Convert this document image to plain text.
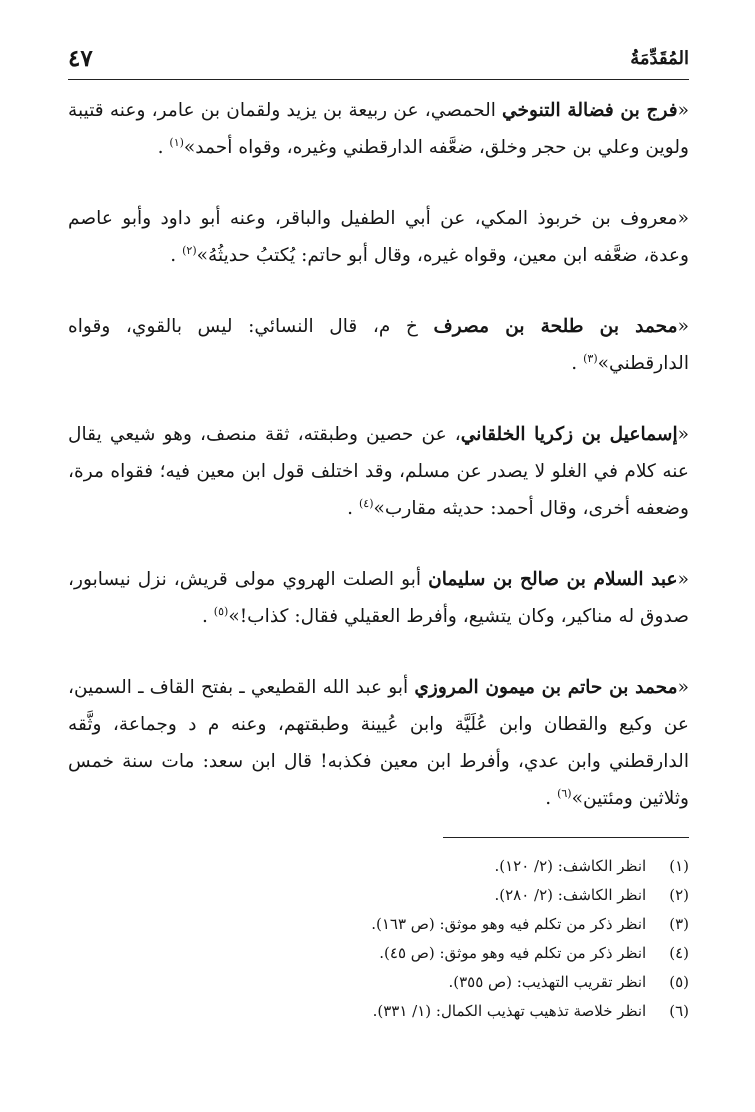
٤٧	المُقَدِّمَةُ

«فرج بن فضالة التنوخي الحمصي، عن ربيعة بن يزيد ولقمان بن عامر، وعنه قتيبة ولوين وعلي بن حجر وخلق، ضعَّفه الدارقطني وغيره، وقواه أحمد»$^{(١)}$ .

«معروف بن خربوذ المكي، عن أبي الطفيل والباقر، وعنه أبو داود وأبو عاصم وعدة، ضعَّفه ابن معين، وقواه غيره، وقال أبو حاتم: يُكتبُ حديثُهُ»$^{(٢)}$ .

«محمد بن طلحة بن مصرف خ م، قال النسائي: ليس بالقوي، وقواه الدارقطني»$^{(٣)}$ .

«إسماعيل بن زكريا الخلقاني، عن حصين وطبقته، ثقة منصف، وهو شيعي يقال عنه كلام في الغلو لا يصدر عن مسلم، وقد اختلف قول ابن معين فيه؛ فقواه مرة، وضعفه أخرى، وقال أحمد: حديثه مقارب»$^{(٤)}$ .

«عبد السلام بن صالح بن سليمان أبو الصلت الهروي مولى قريش، نزل نيسابور، صدوق له مناكير، وكان يتشيع، وأفرط العقيلي فقال: كذاب!»$^{(٥)}$ .

«محمد بن حاتم بن ميمون المروزي أبو عبد الله القطيعي ـ بفتح القاف ـ السمين، عن وكيع والقطان وابن عُلَيَّة وابن عُيينة وطبقتهم، وعنه م د وجماعة، وثَّقه الدارقطني وابن عدي، وأفرط ابن معين فكذبه! قال ابن سعد: مات سنة خمس وثلاثين ومئتين»$^{(٦)}$ .

(١) انظر الكاشف: (٢/ ١٢٠).
(٢) انظر الكاشف: (٢/ ٢٨٠).
(٣) انظر ذكر من تكلم فيه وهو موثق: (ص ١٦٣).
(٤) انظر ذكر من تكلم فيه وهو موثق: (ص ٤٥).
(٥) انظر تقريب التهذيب: (ص ٣٥٥).
(٦) انظر خلاصة تذهيب تهذيب الكمال: (١/ ٣٣١).
